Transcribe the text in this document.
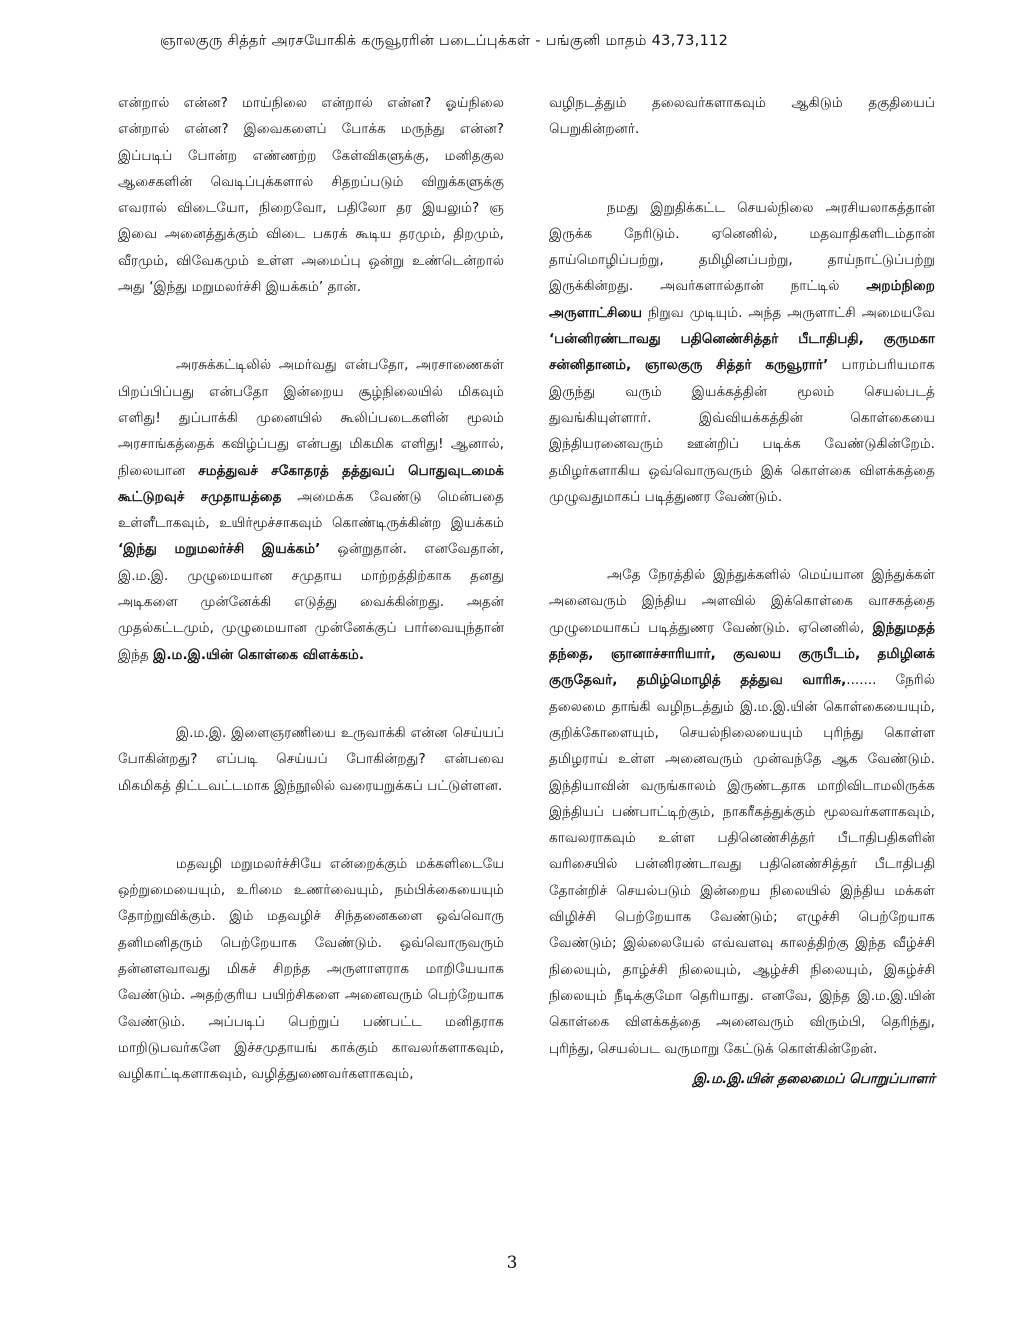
ஞாலகுரு சித்தர் அரசயோகிக் கருவூரரின் படைப்புக்கள் - பங்குனி மாதம் 43,73,112

என்றால் என்ன? மாய்நிலை என்றால் என்ன? ஓய்நிலை என்றால் என்ன? இவைகளைப் போக்க மருந்து என்ன? இப்படிப் போன்ற எண்ணற்ற கேள்விகளுக்கு, மனிதகுல ஆசைகளின் வெடிப்புக்களால் சிதறப்படும் விறுக்களுக்கு எவரால் விடையோ, நிறைவோ, பதிலோ தர இயலும்? ஞ இவை அனைத்துக்கும் விடை பகரக் கூடிய தரமும், திறமும், வீரமும், விவேகமும் உள்ள அமைப்பு ஒன்று உண்டென்றால் அது ‘இந்து மறுமலர்ச்சி இயக்கம்’ தான்.

அரசுக்கட்டிலில் அமர்வது என்பதோ, அரசாணைகள் பிறப்பிப்பது என்பதோ இன்றைய சூழ்நிலையில் மிகவும் எளிது! துப்பாக்கி முனையில் கூலிப்படைகளின் மூலம் அரசாங்கத்தைக் கவிழ்ப்பது என்பது மிகமிக எளிது! ஆனால், நிலையான சமத்துவச் சகோதரத் தத்துவப் பொதுவுடமைக் கூட்டுறவுச் சமுதாயத்தை அமைக்க வேண்டு மென்பதை உள்ளீடாகவும், உயிர்மூச்சாகவும் கொண்டிருக்கின்ற இயக்கம் ‘இந்து மறுமலர்ச்சி இயக்கம்’ ஒன்றுதான். எனவேதான், இ.ம.இ. முழுமையான சமுதாய மாற்றத்திற்காக தனது அடிகளை முன்னேக்கி எடுத்து வைக்கின்றது. அதன் முதல்கட்டமும், முழுமையான முன்னேக்குப் பார்வையுந்தான் இந்த இ.ம.இ.யின் கொள்கை விளக்கம்.

இ.ம.இ. இளைஞரணியை உருவாக்கி என்ன செய்யப் போகின்றது? எப்படி செய்யப் போகின்றது? என்பவை மிகமிகத் திட்டவட்டமாக இந்நூலில் வரையறுக்கப் பட்டுள்ளன.

மதவழி மறுமலர்ச்சியே என்றைக்கும் மக்களிடையே ஒற்றுமையையும், உரிமை உணர்வையும், நம்பிக்கையையும் தோற்றுவிக்கும். இம் மதவழிச் சிந்தனைகளை ஒவ்வொரு தனிமனிதரும் பெற்றேயாக வேண்டும். ஒவ்வொருவரும் தன்னளவாவது மிகச் சிறந்த அருளாளராக மாறியேயாக வேண்டும். அதற்குரிய பயிற்சிகளை அனைவரும் பெற்றேயாக வேண்டும். அப்படிப் பெற்றுப் பண்பட்ட மனிதராக மாறிடுபவர்களே இச்சமுதாயங் காக்கும் காவலர்களாகவும், வழிகாட்டிகளாகவும், வழித்துணைவர்களாகவும்,

வழிநடத்தும் தலைவர்களாகவும் ஆகிடும் தகுதியைப் பெறுகின்றனர்.

நமது இறுதிக்கட்ட செயல்நிலை அரசியலாகத்தான் இருக்க நேரிடும். ஏனெனில், மதவாதிகளிடம்தான் தாய்மொழிப்பற்று, தமிழினப்பற்று, தாய்நாட்டுப்பற்று இருக்கின்றது. அவர்களால்தான் நாட்டில் அறம்நிறை அருளாட்சியை நிறுவ முடியும். அந்த அருளாட்சி அமையவே ‘பன்னிரண்டாவது பதினெண்சித்தர் பீடாதிபதி, குருமகா சன்னிதானம், ஞாலகுரு சித்தர் கருவூரார்’ பாரம்பரியமாக இருந்து வரும் இயக்கத்தின் மூலம் செயல்படத் துவங்கியுள்ளார். இவ்வியக்கத்தின் கொள்கையை இந்தியரனைவரும் ஊன்றிப் படிக்க வேண்டுகின்றேம். தமிழர்களாகிய ஒவ்வொருவரும் இக் கொள்கை விளக்கத்தை முழுவதுமாகப் படித்துணர வேண்டும்.

அதே நேரத்தில் இந்துக்களில் மெய்யான இந்துக்கள் அனைவரும் இந்திய அளவில் இக்கொள்கை வாசகத்தை முழுமையாகப் படித்துணர வேண்டும். ஏனெனில், இந்துமதத் தந்தை, ஞானாச்சாரியார், குவலய குருபீடம், தமிழினக் குருதேவர், தமிழ்மொழித் தத்துவ வாரிசு,....... நேரில் தலைமை தாங்கி வழிநடத்தும் இ.ம.இ.யின் கொள்கையையும், குறிக்கோளையும், செயல்நிலையையும் புரிந்து கொள்ள தமிழராய் உள்ள அனைவரும் முன்வந்தே ஆக வேண்டும். இந்தியாவின் வருங்காலம் இருண்டதாக மாறிவிடாமலிருக்க இந்தியப் பண்பாட்டிற்கும், நாகரீகத்துக்கும் மூலவர்களாகவும், காவலராகவும் உள்ள பதினெண்சித்தர் பீடாதிபதிகளின் வரிசையில் பன்னிரண்டாவது பதினெண்சித்தர் பீடாதிபதி தோன்றிச் செயல்படும் இன்றைய நிலையில் இந்திய மக்கள் விழிச்சி பெற்றேயாக வேண்டும்; எழுச்சி பெற்றேயாக வேண்டும்; இல்லையேல் எவ்வளவு காலத்திற்கு இந்த வீழ்ச்சி நிலையும், தாழ்ச்சி நிலையும், ஆழ்ச்சி நிலையும், இகழ்ச்சி நிலையும் நீடிக்குமோ தெரியாது. எனவே, இந்த இ.ம.இ.யின் கொள்கை விளக்கத்தை அனைவரும் விரும்பி, தெரிந்து, புரிந்து, செயல்பட வருமாறு கேட்டுக் கொள்கின்றேன்.

இ.ம.இ.யின் தலைமைப் பொறுப்பாளர்

3
